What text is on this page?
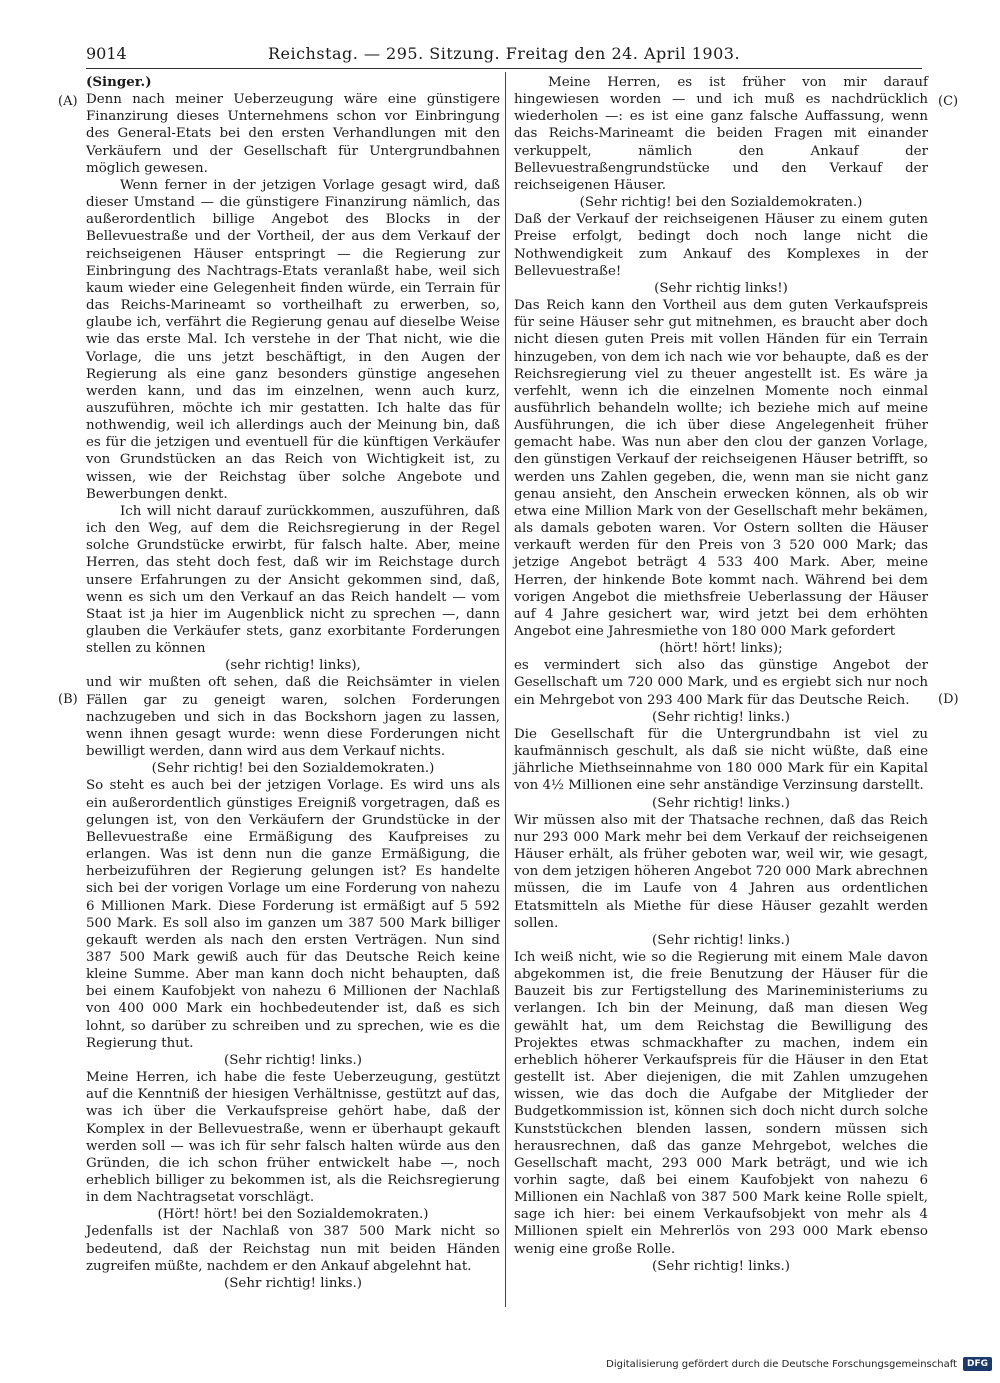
9014	Reichstag. — 295. Sitzung. Freitag den 24. April 1903.

(Singer.)

Denn nach meiner Ueberzeugung wäre eine günstigere Finanzirung dieses Unternehmens schon vor Einbringung des General-Etats bei den ersten Verhandlungen mit den Verkäufern und der Gesellschaft für Untergrundbahnen möglich gewesen.

Wenn ferner in der jetzigen Vorlage gesagt wird, daß dieser Umstand — die günstigere Finanzirung nämlich, das außerordentlich billige Angebot des Blocks in der Bellevuestraße und der Vortheil, der aus dem Verkauf der reichseigenen Häuser entspringt — die Regierung zur Einbringung des Nachtrags-Etats veranlaßt habe, weil sich kaum wieder eine Gelegenheit finden würde, ein Terrain für das Reichs-Marineamt so vortheilhaft zu erwerben, so, glaube ich, verfährt die Regierung genau auf dieselbe Weise wie das erste Mal. Ich verstehe in der That nicht, wie die Vorlage, die uns jetzt beschäftigt, in den Augen der Regierung als eine ganz besonders günstige angesehen werden kann, und das im einzelnen, wenn auch kurz, auszuführen, möchte ich mir gestatten. Ich halte das für nothwendig, weil ich allerdings auch der Meinung bin, daß es für die jetzigen und eventuell für die künftigen Verkäufer von Grundstücken an das Reich von Wichtigkeit ist, zu wissen, wie der Reichstag über solche Angebote und Bewerbungen denkt.

Ich will nicht darauf zurückkommen, auszuführen, daß ich den Weg, auf dem die Reichsregierung in der Regel solche Grundstücke erwirbt, für falsch halte. Aber, meine Herren, das steht doch fest, daß wir im Reichstage durch unsere Erfahrungen zu der Ansicht gekommen sind, daß, wenn es sich um den Verkauf an das Reich handelt — vom Staat ist ja hier im Augenblick nicht zu sprechen —, dann glauben die Verkäufer stets, ganz exorbitante Forderungen stellen zu können

(sehr richtig! links),

und wir mußten oft sehen, daß die Reichsämter in vielen Fällen gar zu geneigt waren, solchen Forderungen nachzugeben und sich in das Bockshorn jagen zu lassen, wenn ihnen gesagt wurde: wenn diese Forderungen nicht bewilligt werden, dann wird aus dem Verkauf nichts.

(Sehr richtig! bei den Sozialdemokraten.)

So steht es auch bei der jetzigen Vorlage. Es wird uns als ein außerordentlich günstiges Ereigniß vorgetragen, daß es gelungen ist, von den Verkäufern der Grundstücke in der Bellevuestraße eine Ermäßigung des Kaufpreises zu erlangen. Was ist denn nun die ganze Ermäßigung, die herbeizuführen der Regierung gelungen ist? Es handelte sich bei der vorigen Vorlage um eine Forderung von nahezu 6 Millionen Mark. Diese Forderung ist ermäßigt auf 5 592 500 Mark. Es soll also im ganzen um 387 500 Mark billiger gekauft werden als nach den ersten Verträgen. Nun sind 387 500 Mark gewiß auch für das Deutsche Reich keine kleine Summe. Aber man kann doch nicht behaupten, daß bei einem Kaufobjekt von nahezu 6 Millionen der Nachlaß von 400 000 Mark ein hochbedeutender ist, daß es sich lohnt, so darüber zu schreiben und zu sprechen, wie es die Regierung thut.

(Sehr richtig! links.)

Meine Herren, ich habe die feste Ueberzeugung, gestützt auf die Kenntniß der hiesigen Verhältnisse, gestützt auf das, was ich über die Verkaufspreise gehört habe, daß der Komplex in der Bellevuestraße, wenn er überhaupt gekauft werden soll — was ich für sehr falsch halten würde aus den Gründen, die ich schon früher entwickelt habe —, noch erheblich billiger zu bekommen ist, als die Reichsregierung in dem Nachtragsetat vorschlägt.

(Hört! hört! bei den Sozialdemokraten.)

Jedenfalls ist der Nachlaß von 387 500 Mark nicht so bedeutend, daß der Reichstag nun mit beiden Händen zugreifen müßte, nachdem er den Ankauf abgelehnt hat.

(Sehr richtig! links.)

Meine Herren, es ist früher von mir darauf hingewiesen worden — und ich muß es nachdrücklich wiederholen —: es ist eine ganz falsche Auffassung, wenn das Reichs-Marineamt die beiden Fragen mit einander verkuppelt, nämlich den Ankauf der Bellevuestraßengrundstücke und den Verkauf der reichseigenen Häuser.

(Sehr richtig! bei den Sozialdemokraten.)

Daß der Verkauf der reichseigenen Häuser zu einem guten Preise erfolgt, bedingt doch noch lange nicht die Nothwendigkeit zum Ankauf des Komplexes in der Bellevuestraße!

(Sehr richtig links!)

Das Reich kann den Vortheil aus dem guten Verkaufspreis für seine Häuser sehr gut mitnehmen, es braucht aber doch nicht diesen guten Preis mit vollen Händen für ein Terrain hinzugeben, von dem ich nach wie vor behaupte, daß es der Reichsregierung viel zu theuer angestellt ist. Es wäre ja verfehlt, wenn ich die einzelnen Momente noch einmal ausführlich behandeln wollte; ich beziehe mich auf meine Ausführungen, die ich über diese Angelegenheit früher gemacht habe. Was nun aber den clou der ganzen Vorlage, den günstigen Verkauf der reichseigenen Häuser betrifft, so werden uns Zahlen gegeben, die, wenn man sie nicht ganz genau ansieht, den Anschein erwecken können, als ob wir etwa eine Million Mark von der Gesellschaft mehr bekämen, als damals geboten waren. Vor Ostern sollten die Häuser verkauft werden für den Preis von 3 520 000 Mark; das jetzige Angebot beträgt 4 533 400 Mark. Aber, meine Herren, der hinkende Bote kommt nach. Während bei dem vorigen Angebot die miethsfreie Ueberlassung der Häuser auf 4 Jahre gesichert war, wird jetzt bei dem erhöhten Angebot eine Jahresmiethe von 180 000 Mark gefordert

(hört! hört! links);

es vermindert sich also das günstige Angebot der Gesellschaft um 720 000 Mark, und es ergiebt sich nur noch ein Mehrgebot von 293 400 Mark für das Deutsche Reich.

(Sehr richtig! links.)

Die Gesellschaft für die Untergrundbahn ist viel zu kaufmännisch geschult, als daß sie nicht wüßte, daß eine jährliche Miethseinnahme von 180 000 Mark für ein Kapital von 4½ Millionen eine sehr anständige Verzinsung darstellt.

(Sehr richtig! links.)

Wir müssen also mit der Thatsache rechnen, daß das Reich nur 293 000 Mark mehr bei dem Verkauf der reichseigenen Häuser erhält, als früher geboten war, weil wir, wie gesagt, von dem jetzigen höheren Angebot 720 000 Mark abrechnen müssen, die im Laufe von 4 Jahren aus ordentlichen Etatsmitteln als Miethe für diese Häuser gezahlt werden sollen.

(Sehr richtig! links.)

Ich weiß nicht, wie so die Regierung mit einem Male davon abgekommen ist, die freie Benutzung der Häuser für die Bauzeit bis zur Fertigstellung des Marineministeriums zu verlangen. Ich bin der Meinung, daß man diesen Weg gewählt hat, um dem Reichstag die Bewilligung des Projektes etwas schmackhafter zu machen, indem ein erheblich höherer Verkaufspreis für die Häuser in den Etat gestellt ist. Aber diejenigen, die mit Zahlen umzugehen wissen, wie das doch die Aufgabe der Mitglieder der Budgetkommission ist, können sich doch nicht durch solche Kunststückchen blenden lassen, sondern müssen sich herausrechnen, daß das ganze Mehrgebot, welches die Gesellschaft macht, 293 000 Mark beträgt, und wie ich vorhin sagte, daß bei einem Kaufobjekt von nahezu 6 Millionen ein Nachlaß von 387 500 Mark keine Rolle spielt, sage ich hier: bei einem Verkaufsobjekt von mehr als 4 Millionen spielt ein Mehrerlös von 293 000 Mark ebenso wenig eine große Rolle.

(Sehr richtig! links.)

(A)
(B)
(C)
(D)
Digitalisierung gefördert durch die Deutsche Forschungsgemeinschaft	DFG
